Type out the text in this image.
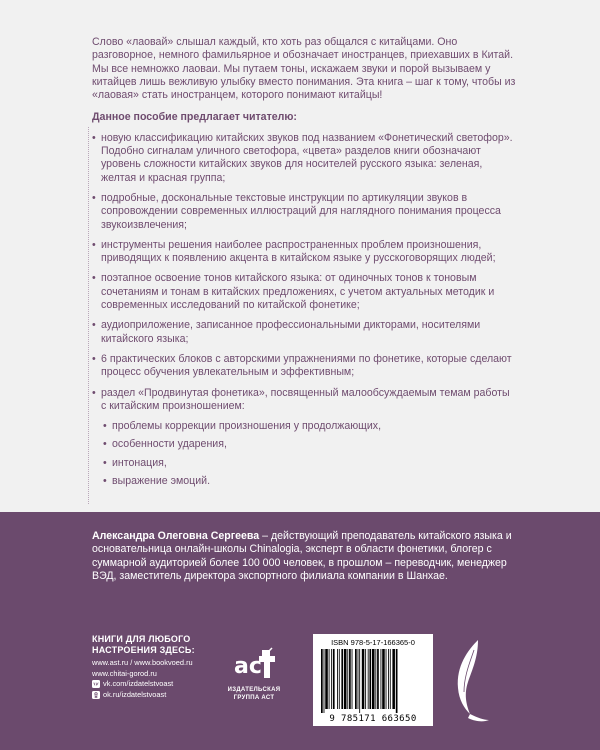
Слово «лаовай» слышал каждый, кто хоть раз общался с китайцами. Оно разговорное, немного фамильярное и обозначает иностранцев, приехавших в Китай. Мы все немножко лаоваи. Мы путаем тоны, искажаем звуки и порой вызываем у китайцев лишь вежливую улыбку вместо понимания. Эта книга – шаг к тому, чтобы из «лаовая» стать иностранцем, которого понимают китайцы!

Данное пособие предлагает читателю:

• новую классификацию китайских звуков под названием «Фонетический светофор». Подобно сигналам уличного светофора, «цвета» разделов книги обозначают уровень сложности китайских звуков для носителей русского языка: зеленая, желтая и красная группа;
• подробные, доскональные текстовые инструкции по артикуляции звуков в сопровождении современных иллюстраций для наглядного понимания процесса звукоизвлечения;
• инструменты решения наиболее распространенных проблем произношения, приводящих к появлению акцента в китайском языке у русскоговорящих людей;
• поэтапное освоение тонов китайского языка: от одиночных тонов к тоновым сочетаниям и тонам в китайских предложениях, с учетом актуальных методик и современных исследований по китайской фонетике;
• аудиоприложение, записанное профессиональными дикторами, носителями китайского языка;
• 6 практических блоков с авторскими упражнениями по фонетике, которые сделают процесс обучения увлекательным и эффективным;
• раздел «Продвинутая фонетика», посвященный малообсуждаемым темам работы с китайским произношением:
• проблемы коррекции произношения у продолжающих,
• особенности ударения,
• интонация,
• выражение эмоций.

Александра Олеговна Сергеева – действующий преподаватель китайского языка и основательница онлайн-школы Chinalogia, эксперт в области фонетики, блогер с суммарной аудиторией более 100 000 человек, в прошлом – переводчик, менеджер ВЭД, заместитель директора экспортного филиала компании в Шанхае.

КНИГИ ДЛЯ ЛЮБОГО
НАСТРОЕНИЯ ЗДЕСЬ:
www.ast.ru / www.bookvoed.ru
www.chitai-gorod.ru
vk.com/izdatelstvoast
ok.ru/izdatelstvoast
ac
ИЗДАТЕЛЬСКАЯ
ГРУППА АСТ
ISBN 978-5-17-166365-0
9 785171 663650
